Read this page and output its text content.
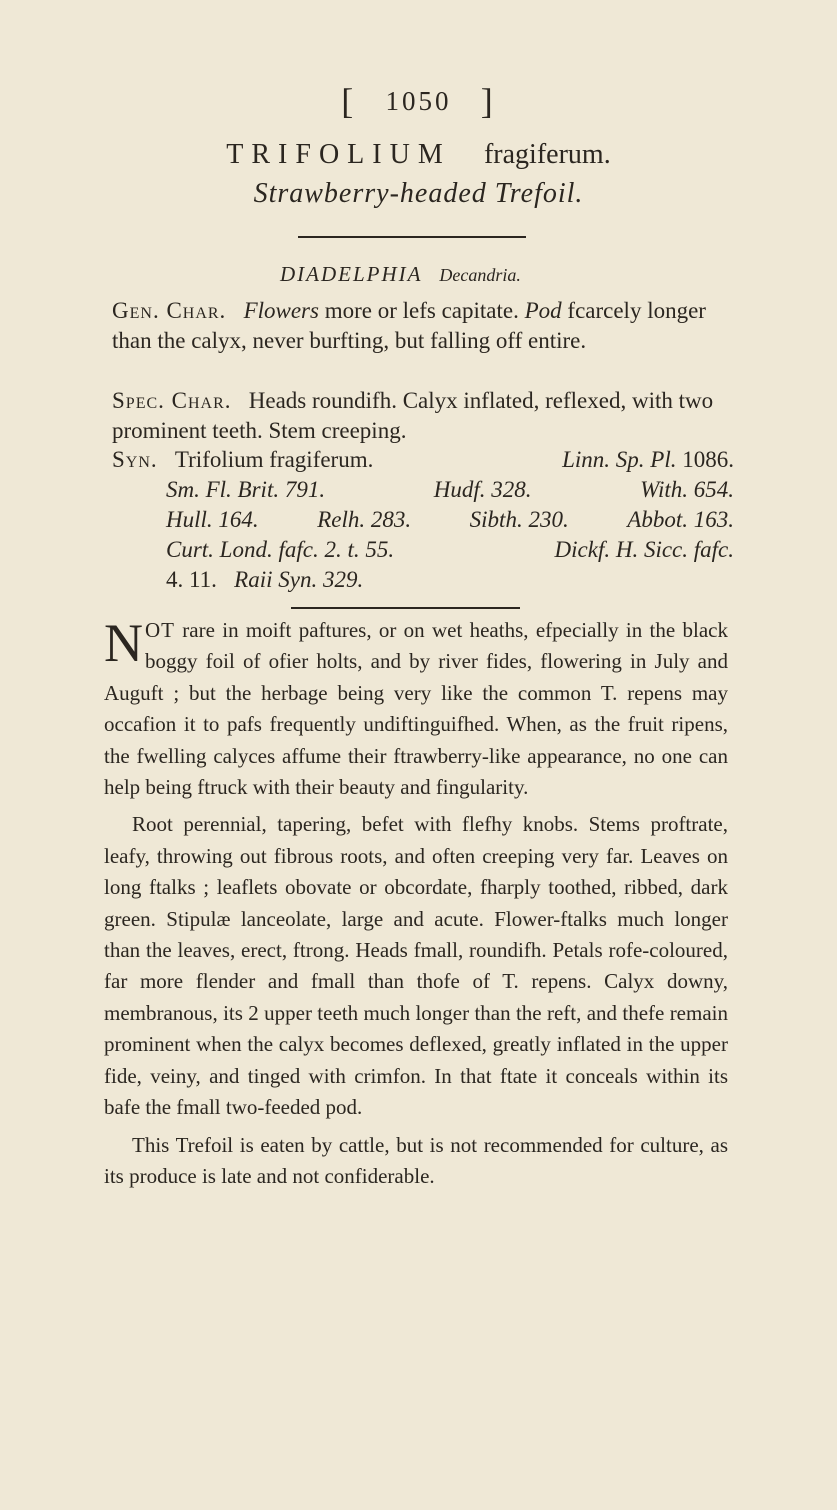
[ 1050 ]
TRIFOLIUM fragiferum.
Strawberry-headed Trefoil.
DIADELPHIA Decandria.
Gen. Char. Flowers more or lefs capitate. Pod fcarcely longer than the calyx, never burfting, but falling off entire.
Spec. Char. Heads roundifh. Calyx inflated, reflexed, with two prominent teeth. Stem creeping.
Syn. Trifolium fragiferum.	Linn. Sp. Pl. 1086.
Sm. Fl. Brit. 791.	Hudf. 328.	With. 654.
Hull. 164.	Relh. 283.	Sibth. 230.	Abbot. 163.
Curt. Lond. fafc. 2. t. 55.	Dickf. H. Sicc. fafc.
4. 11. Raii Syn. 329.

NOT rare in moift paftures, or on wet heaths, efpecially in the black boggy foil of ofier holts, and by river fides, flowering in July and Auguft ; but the herbage being very like the common T. repens may occafion it to pafs frequently undiftinguifhed. When, as the fruit ripens, the fwelling calyces affume their ftrawberry-like appearance, no one can help being ftruck with their beauty and fingularity.

Root perennial, tapering, befet with flefhy knobs. Stems proftrate, leafy, throwing out fibrous roots, and often creeping very far. Leaves on long ftalks ; leaflets obovate or obcordate, fharply toothed, ribbed, dark green. Stipulæ lanceolate, large and acute. Flower-ftalks much longer than the leaves, erect, ftrong. Heads fmall, roundifh. Petals rofe-coloured, far more flender and fmall than thofe of T. repens. Calyx downy, membranous, its 2 upper teeth much longer than the reft, and thefe remain prominent when the calyx becomes deflexed, greatly inflated in the upper fide, veiny, and tinged with crimfon. In that ftate it conceals within its bafe the fmall two-feeded pod.

This Trefoil is eaten by cattle, but is not recommended for culture, as its produce is late and not confiderable.
